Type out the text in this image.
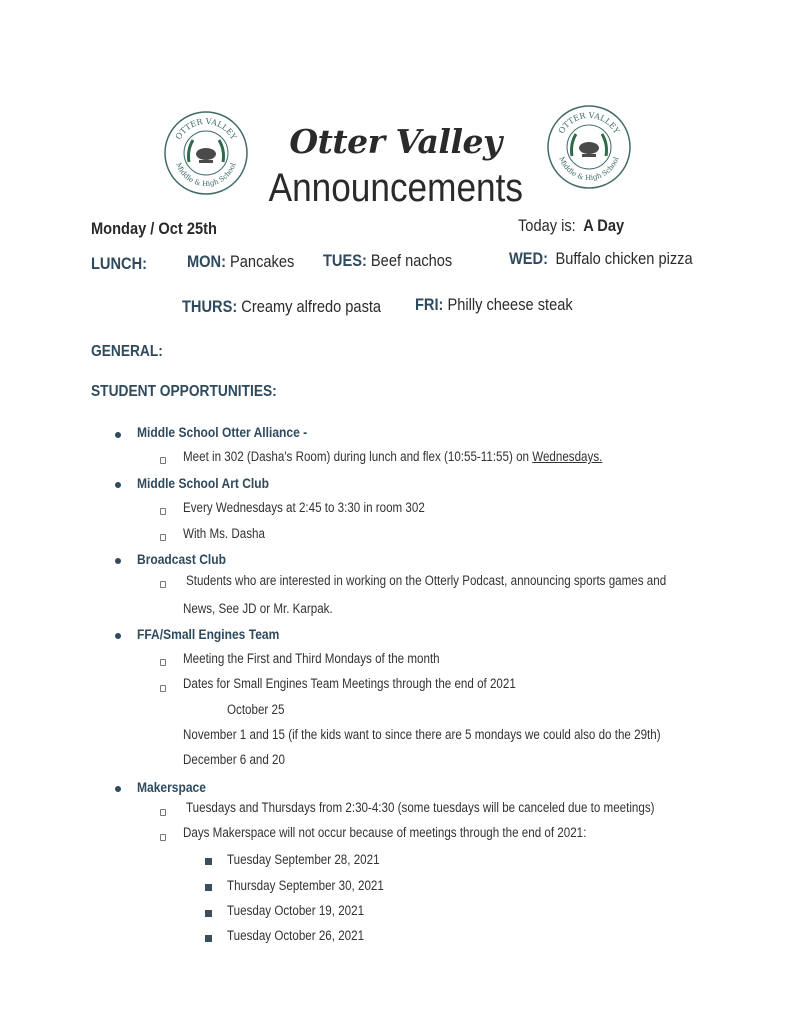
OTTER VALLEY
Middle & High School
OTTER VALLEY
Middle & High School
Otter Valley
Announcements
Monday / Oct 25th	Today is: A Day
LUNCH: MON: Pancakes TUES: Beef nachos	WED: Buffalo chicken pizza
THURS: Creamy alfredo pasta FRI: Philly cheese steak
GENERAL:
STUDENT OPPORTUNITIES:
Middle School Otter Alliance -
Meet in 302 (Dasha's Room) during lunch and flex (10:55-11:55) on Wednesdays.
Middle School Art Club
Every Wednesdays at 2:45 to 3:30 in room 302
With Ms. Dasha
Broadcast Club
Students who are interested in working on the Otterly Podcast, announcing sports games and
News, See JD or Mr. Karpak.
FFA/Small Engines Team
Meeting the First and Third Mondays of the month
Dates for Small Engines Team Meetings through the end of 2021
October 25
November 1 and 15 (if the kids want to since there are 5 mondays we could also do the 29th)
December 6 and 20
Makerspace
Tuesdays and Thursdays from 2:30-4:30 (some tuesdays will be canceled due to meetings)
Days Makerspace will not occur because of meetings through the end of 2021:
Tuesday September 28, 2021
Thursday September 30, 2021
Tuesday October 19, 2021
Tuesday October 26, 2021
